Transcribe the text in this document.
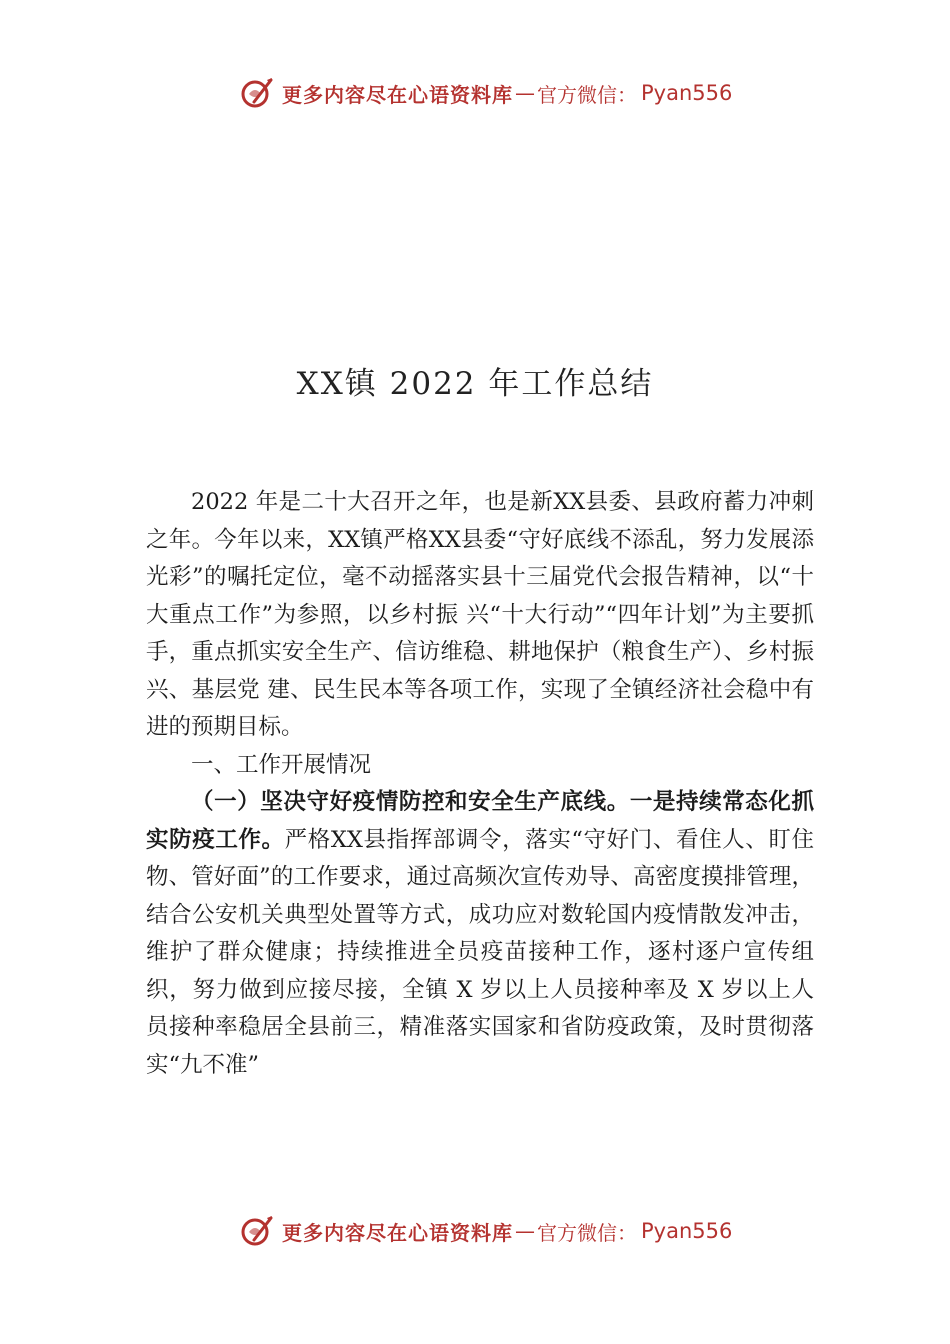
更多内容尽在心语资料库 — 官方微信： Pyan556
XX镇 2022 年工作总结

2022 年是二十大召开之年，也是新XX县委、县政府蓄力冲刺之年。今年以来，XX镇严格XX县委“守好底线不添乱，努力发展添光彩”的嘱托定位，毫不动摇落实县十三届党代会报告精神，以“十大重点工作”为参照，以乡村振 兴“十大行动”“四年计划”为主要抓手，重点抓实安全生产、信访维稳、耕地保护（粮食生产）、乡村振兴、基层党 建、民生民本等各项工作，实现了全镇经济社会稳中有进的预期目标。

一、工作开展情况

（一）坚决守好疫情防控和安全生产底线。一是持续常态化抓实防疫工作。严格XX县指挥部调令，落实“守好门、看住人、盯住物、管好面”的工作要求，通过高频次宣传劝导、高密度摸排管理，结合公安机关典型处置等方式，成功应对数轮国内疫情散发冲击，维护了群众健康；持续推进全员疫苗接种工作，逐村逐户宣传组织，努力做到应接尽接，全镇 X 岁以上人员接种率及 X 岁以上人员接种率稳居全县前三，精准落实国家和省防疫政策，及时贯彻落实“九不准”

更多内容尽在心语资料库 — 官方微信： Pyan556
